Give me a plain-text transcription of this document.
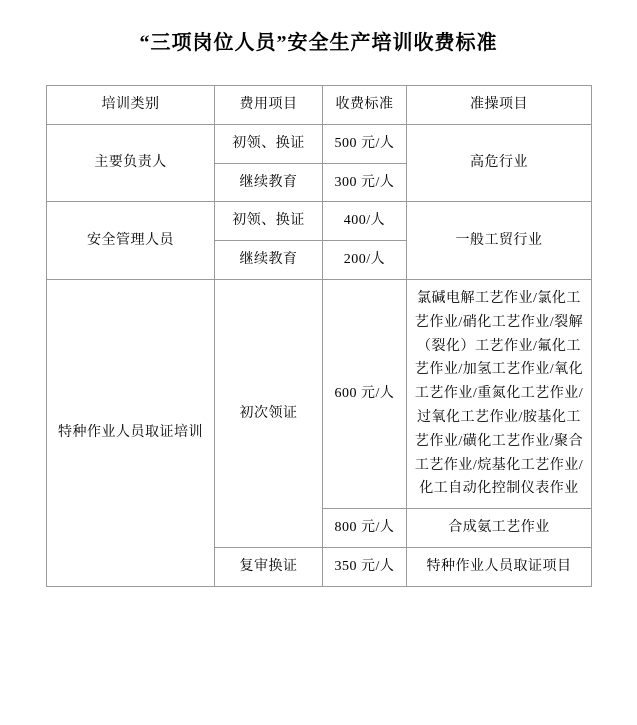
“三项岗位人员”安全生产培训收费标准
培训类别	费用项目	收费标准	准操项目
主要负责人	初领、换证	500 元/人	高危行业
	继续教育	300 元/人	
安全管理人员	初领、换证	400/人	一般工贸行业
	继续教育	200/人	
特种作业人员取证培训	初次领证	600 元/人	氯碱电解工艺作业/氯化工艺作业/硝化工艺作业/裂解（裂化）工艺作业/氟化工艺作业/加氢工艺作业/氧化工艺作业/重氮化工艺作业/过氧化工艺作业/胺基化工艺作业/磺化工艺作业/聚合工艺作业/烷基化工艺作业/化工自动化控制仪表作业
		800 元/人	合成氨工艺作业
	复审换证	350 元/人	特种作业人员取证项目
